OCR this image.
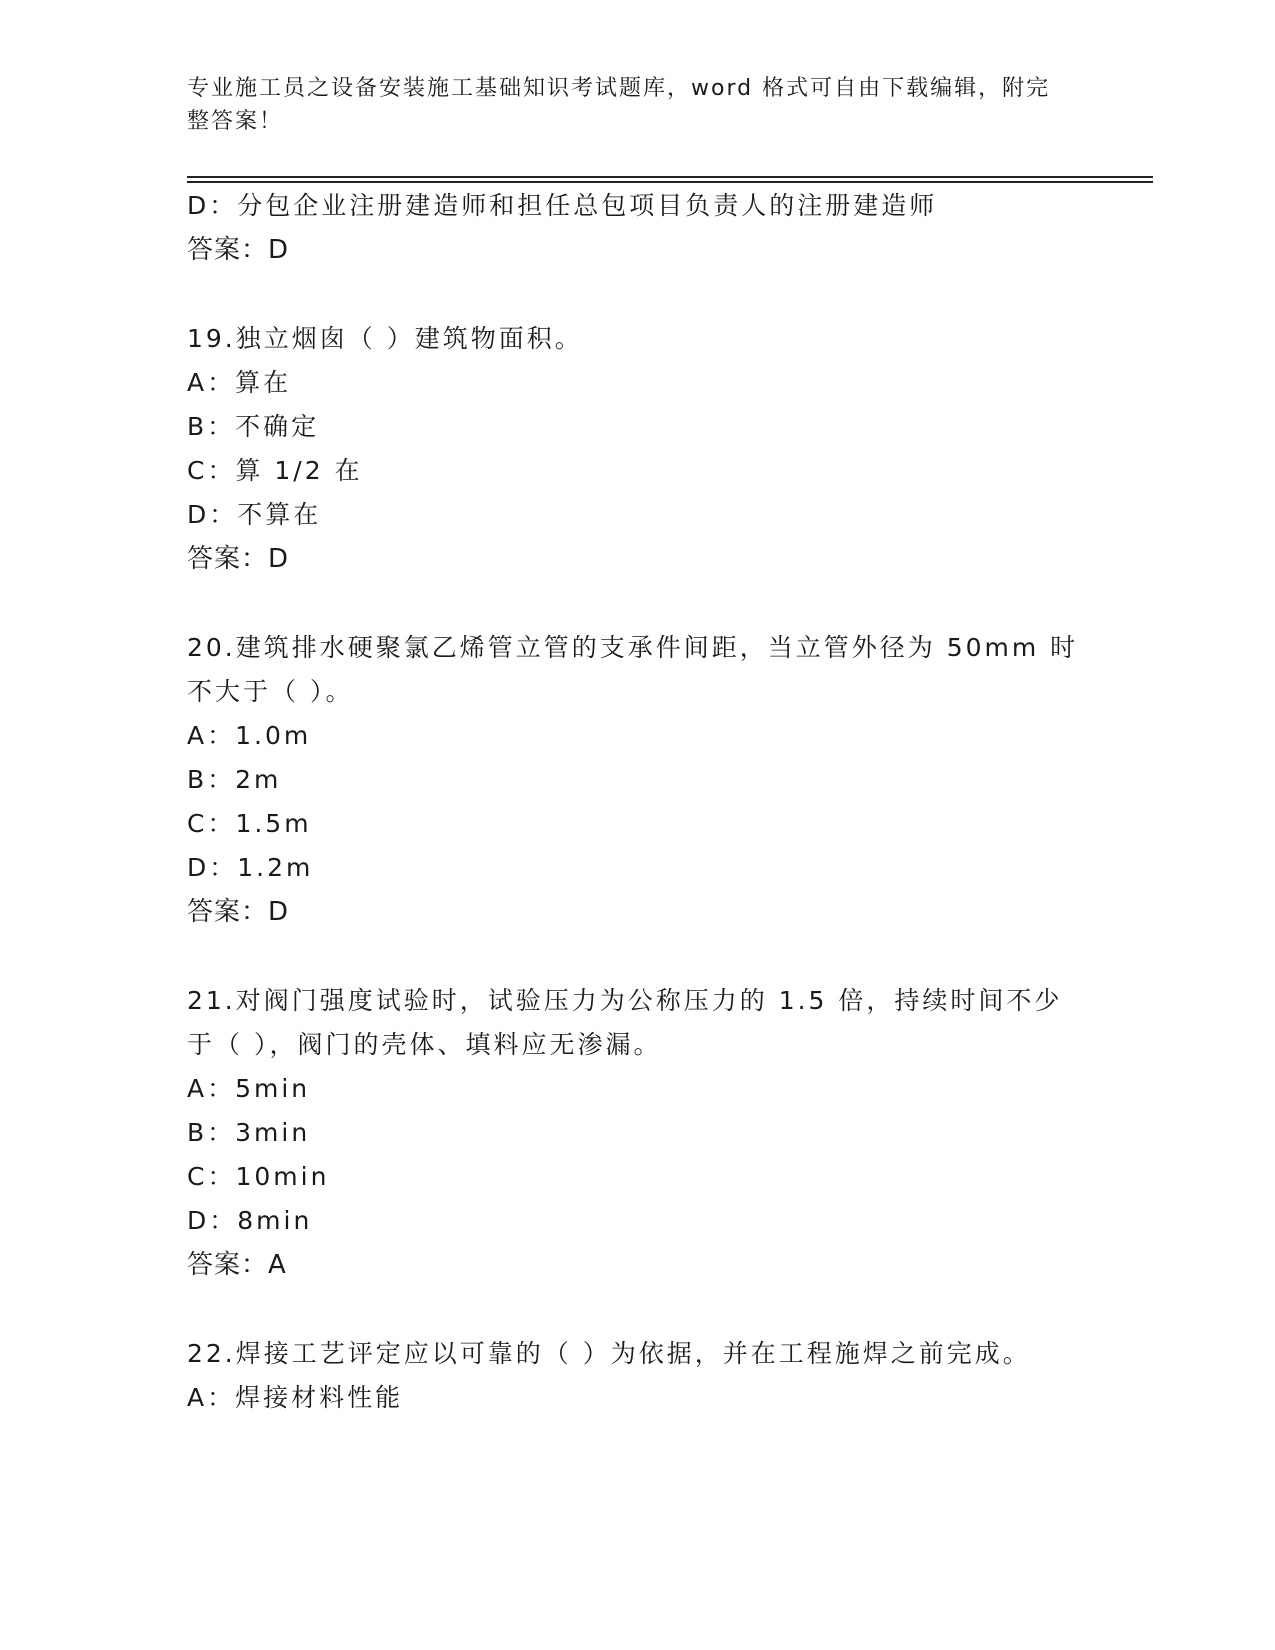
专业施工员之设备安装施工基础知识考试题库，word 格式可自由下载编辑，附完
整答案！
D：分包企业注册建造师和担任总包项目负责人的注册建造师
答案：D
19.独立烟囱（ ）建筑物面积。
A：算在
B：不确定
C：算 1/2 在
D：不算在
答案：D
20.建筑排水硬聚氯乙烯管立管的支承件间距，当立管外径为 50mm 时
不大于（ ）。
A：1.0m
B：2m
C：1.5m
D：1.2m
答案：D
21.对阀门强度试验时，试验压力为公称压力的 1.5 倍，持续时间不少
于（ ），阀门的壳体、填料应无渗漏。
A：5min
B：3min
C：10min
D：8min
答案：A
22.焊接工艺评定应以可靠的（ ）为依据，并在工程施焊之前完成。
A：焊接材料性能
